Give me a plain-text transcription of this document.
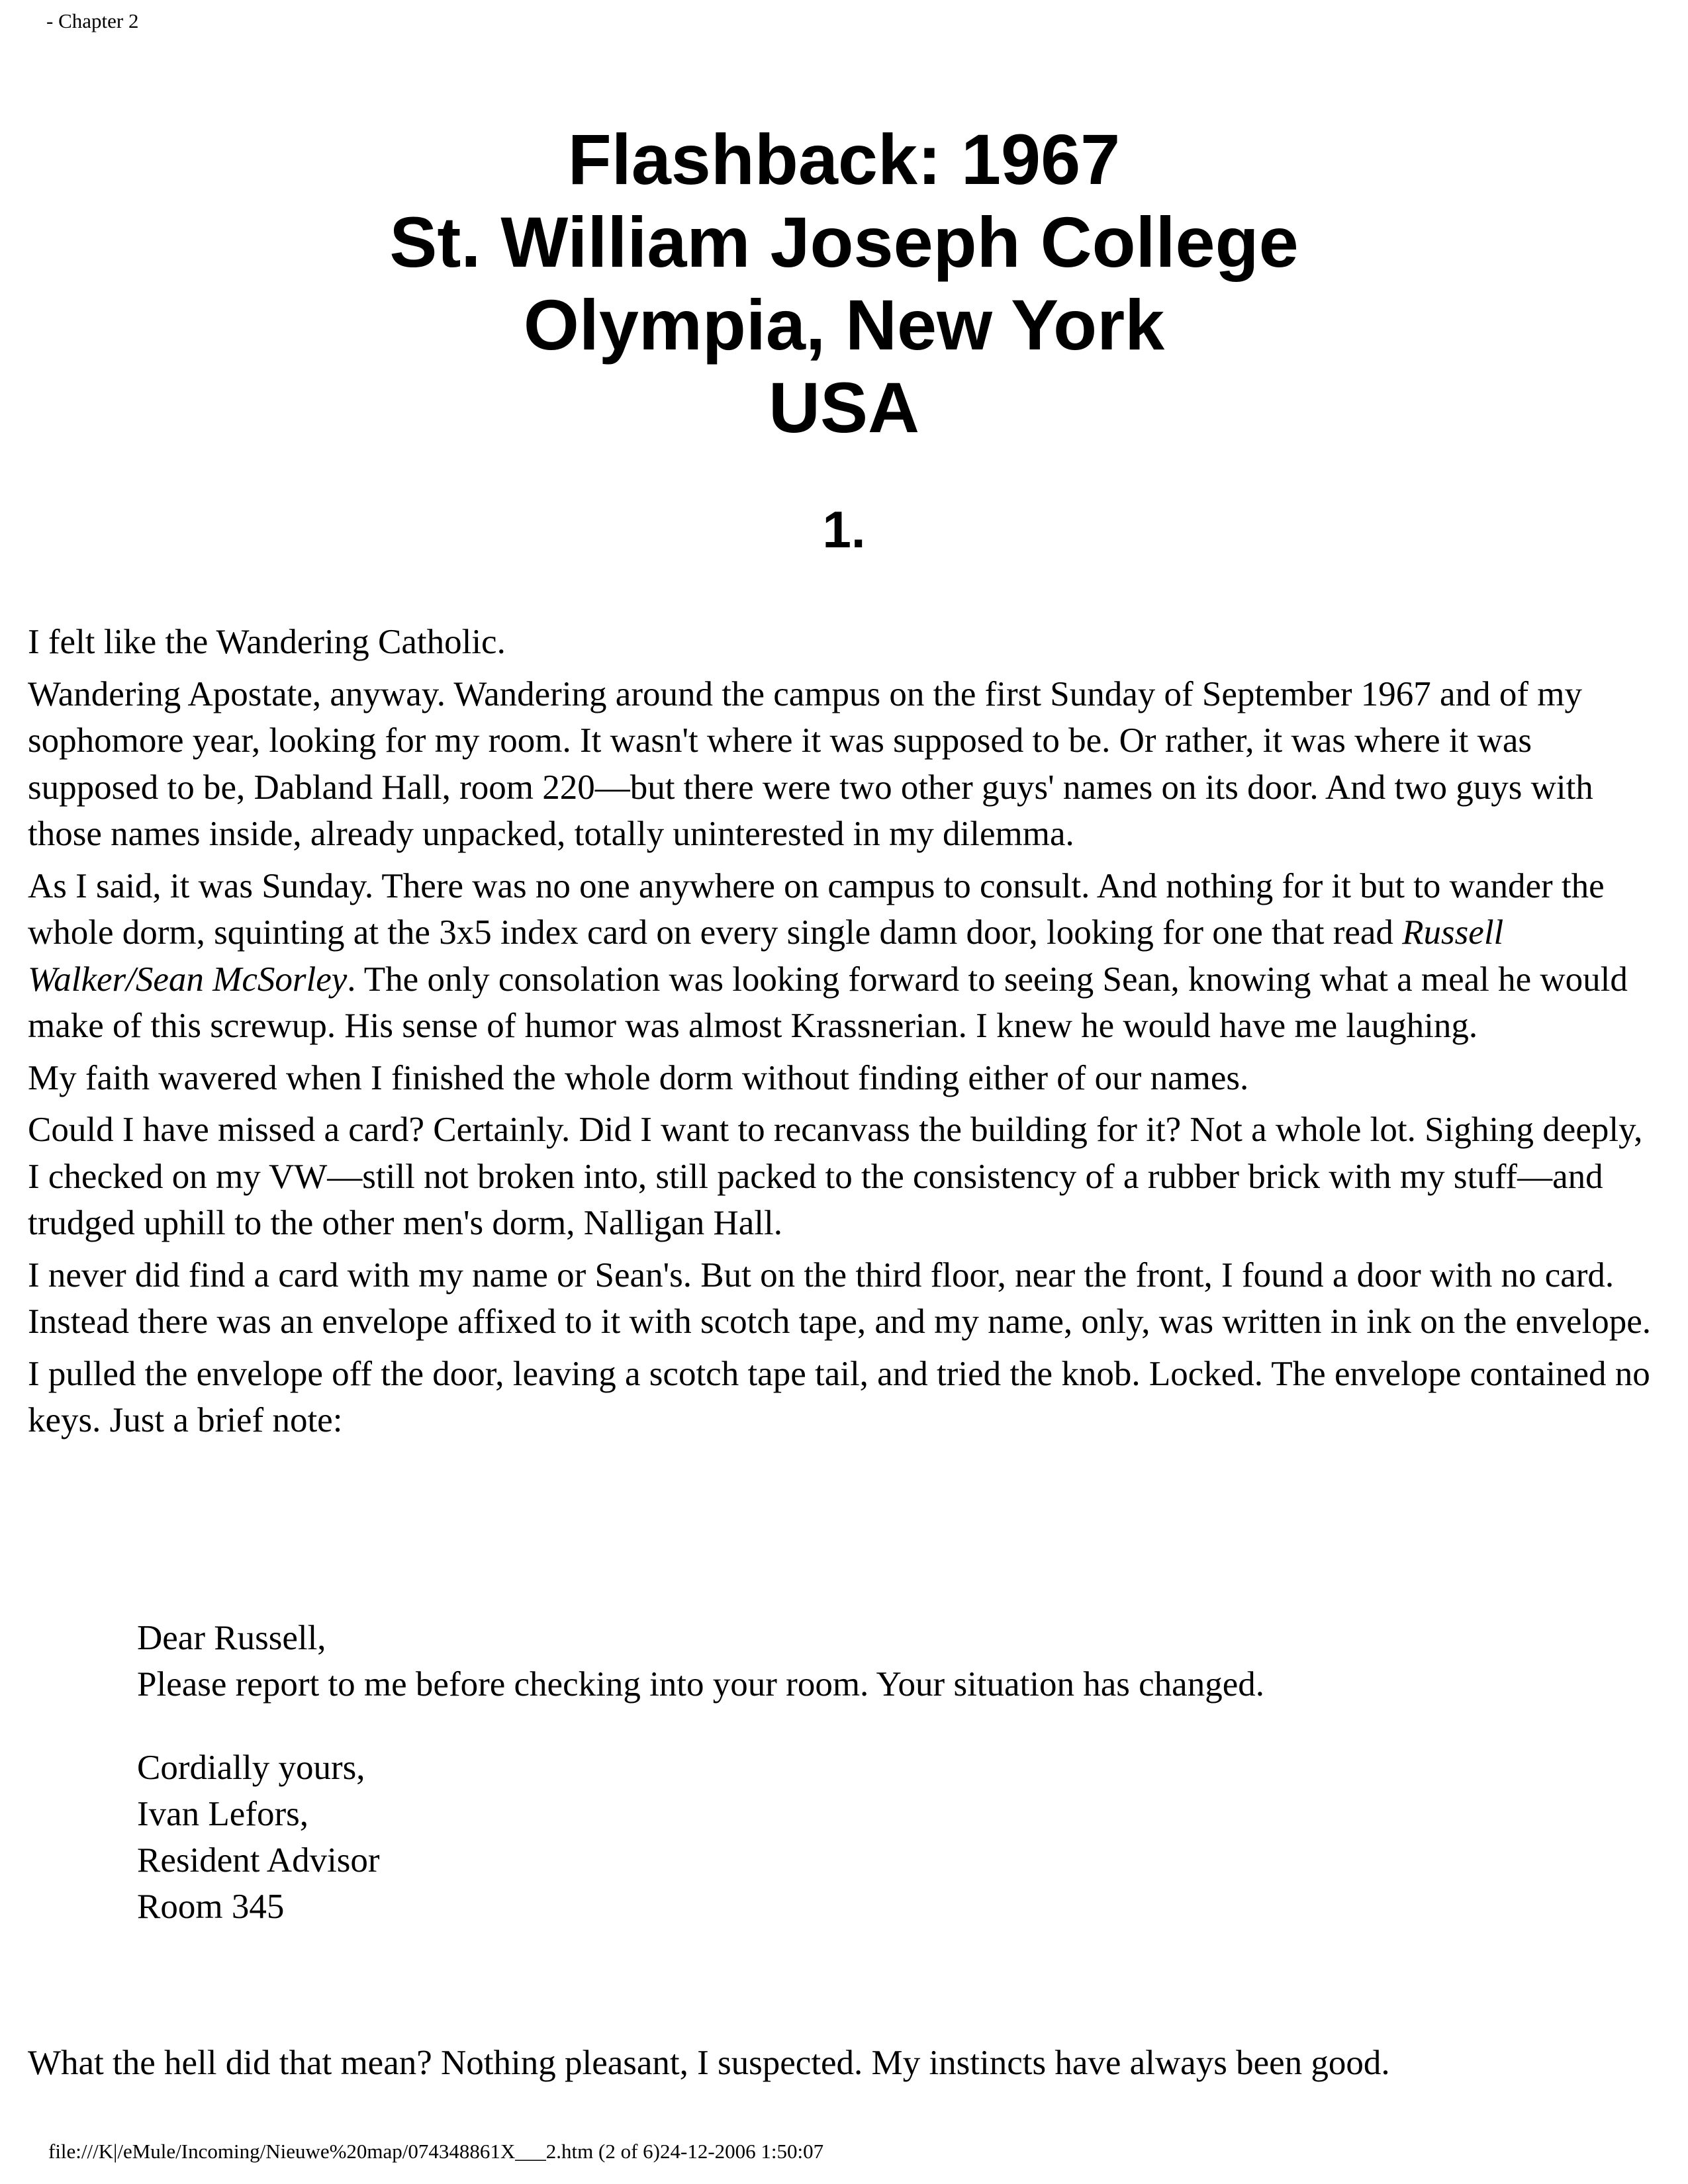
- Chapter 2
Flashback: 1967
St. William Joseph College
Olympia, New York
USA
1.

I felt like the Wandering Catholic.

Wandering Apostate, anyway. Wandering around the campus on the first Sunday of September 1967 and of my sophomore year, looking for my room. It wasn't where it was supposed to be. Or rather, it was where it was supposed to be, Dabland Hall, room 220—but there were two other guys' names on its door. And two guys with those names inside, already unpacked, totally uninterested in my dilemma.

As I said, it was Sunday. There was no one anywhere on campus to consult. And nothing for it but to wander the whole dorm, squinting at the 3x5 index card on every single damn door, looking for one that read Russell Walker/Sean McSorley. The only consolation was looking forward to seeing Sean, knowing what a meal he would make of this screwup. His sense of humor was almost Krassnerian. I knew he would have me laughing.

My faith wavered when I finished the whole dorm without finding either of our names.

Could I have missed a card? Certainly. Did I want to recanvass the building for it? Not a whole lot. Sighing deeply, I checked on my VW—still not broken into, still packed to the consistency of a rubber brick with my stuff—and trudged uphill to the other men's dorm, Nalligan Hall.

I never did find a card with my name or Sean's. But on the third floor, near the front, I found a door with no card. Instead there was an envelope affixed to it with scotch tape, and my name, only, was written in ink on the envelope.

I pulled the envelope off the door, leaving a scotch tape tail, and tried the knob. Locked. The envelope contained no keys. Just a brief note:

Dear Russell,
Please report to me before checking into your room. Your situation has changed.
Cordially yours,
Ivan Lefors,
Resident Advisor
Room 345
What the hell did that mean? Nothing pleasant, I suspected. My instincts have always been good.
file:///K|/eMule/Incoming/Nieuwe%20map/074348861X___2.htm (2 of 6)24-12-2006 1:50:07
